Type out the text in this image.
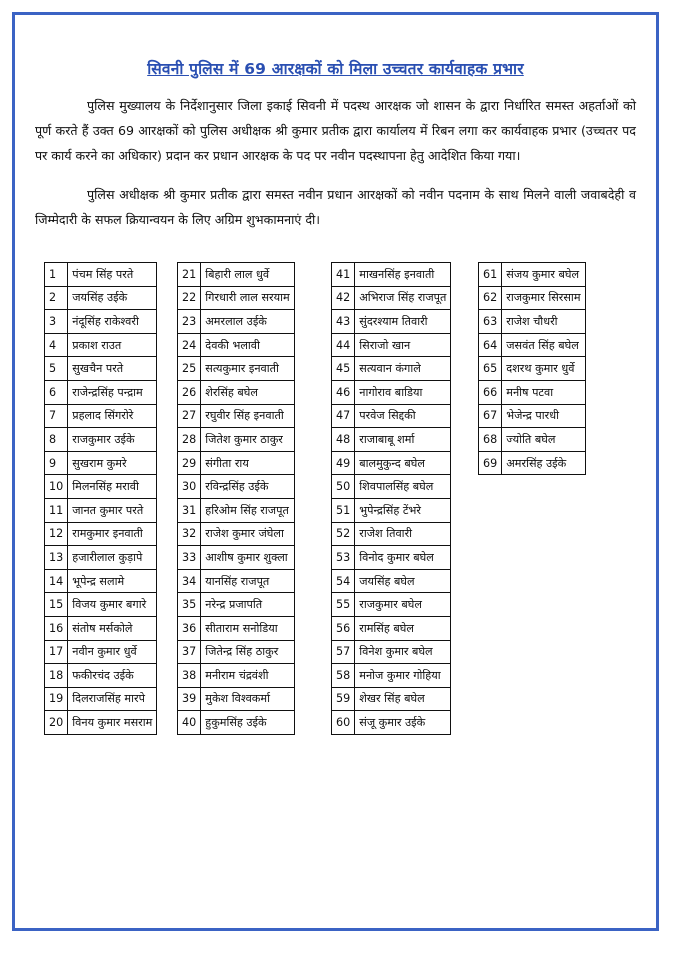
सिवनी पुलिस में 69 आरक्षकों को मिला उच्चतर कार्यवाहक प्रभार
पुलिस मुख्यालय के निर्देशानुसार जिला इकाई सिवनी में पदस्थ आरक्षक जो शासन के द्वारा निर्धारित समस्त अहर्ताओं को पूर्ण करते हैं उक्त 69 आरक्षकों को पुलिस अधीक्षक श्री कुमार प्रतीक द्वारा कार्यालय में रिबन लगा कर कार्यवाहक प्रभार (उच्चतर पद पर कार्य करने का अधिकार) प्रदान कर प्रधान आरक्षक के पद पर नवीन पदस्थापना हेतु आदेशित किया गया।
पुलिस अधीक्षक श्री कुमार प्रतीक द्वारा समस्त नवीन प्रधान आरक्षकों को नवीन पदनाम के साथ मिलने वाली जवाबदेही व जिम्मेदारी के सफल क्रियान्वयन के लिए अग्रिम शुभकामनाएं दी।
1	पंचम सिंह परते
2	जयसिंह उईके
3	नंदूसिंह राकेश्वरी
4	प्रकाश राउत
5	सुखचैन परते
6	राजेन्द्रसिंह पन्द्राम
7	प्रहलाद सिंगरोरे
8	राजकुमार उईके
9	सुखराम कुमरे
10	मिलनसिंह मरावी
11	जानत कुमार परते
12	रामकुमार इनवाती
13	हजारीलाल कुड़ापे
14	भूपेन्द्र सलामे
15	विजय कुमार बगारे
16	संतोष मर्सकोले
17	नवीन कुमार धुर्वे
18	फकीरचंद उईके
19	दिलराजसिंह मारपे
20	विनय कुमार मसराम
21	बिहारी लाल धुर्वे
22	गिरधारी लाल सरयाम
23	अमरलाल उईके
24	देवकी भलावी
25	सत्यकुमार इनवाती
26	शेरसिंह बघेल
27	रघुवीर सिंह इनवाती
28	जितेश कुमार ठाकुर
29	संगीता राय
30	रविन्द्रसिंह उईके
31	हरिओम सिंह राजपूत
32	राजेश कुमार जंघेला
33	आशीष कुमार शुक्ला
34	यानसिंह राजपूत
35	नरेन्द्र प्रजापति
36	सीताराम सनोडिया
37	जितेन्द्र सिंह ठाकुर
38	मनीराम चंद्रवंशी
39	मुकेश विश्वकर्मा
40	हुकुमसिंह उईके
41	माखनसिंह इनवाती
42	अभिराज सिंह राजपूत
43	सुंदरश्याम तिवारी
44	सिराजो खान
45	सत्यवान कंगाले
46	नागोराव बाडिया
47	परवेज सिद्दकी
48	राजाबाबू शर्मा
49	बालमुकुन्द बघेल
50	शिवपालसिंह बघेल
51	भुपेन्द्रसिंह टेंभरे
52	राजेश तिवारी
53	विनोद कुमार बघेल
54	जयसिंह बघेल
55	राजकुमार बघेल
56	रामसिंह बघेल
57	विनेश कुमार बघेल
58	मनोज कुमार गोहिया
59	शेखर सिंह बघेल
60	संजू कुमार उईके
61	संजय कुमार बघेल
62	राजकुमार सिरसाम
63	राजेश चौधरी
64	जसवंत सिंह बघेल
65	दशरथ कुमार धुर्वे
66	मनीष पटवा
67	भेजेन्द्र पारधी
68	ज्योति बघेल
69	अमरसिंह उईके
